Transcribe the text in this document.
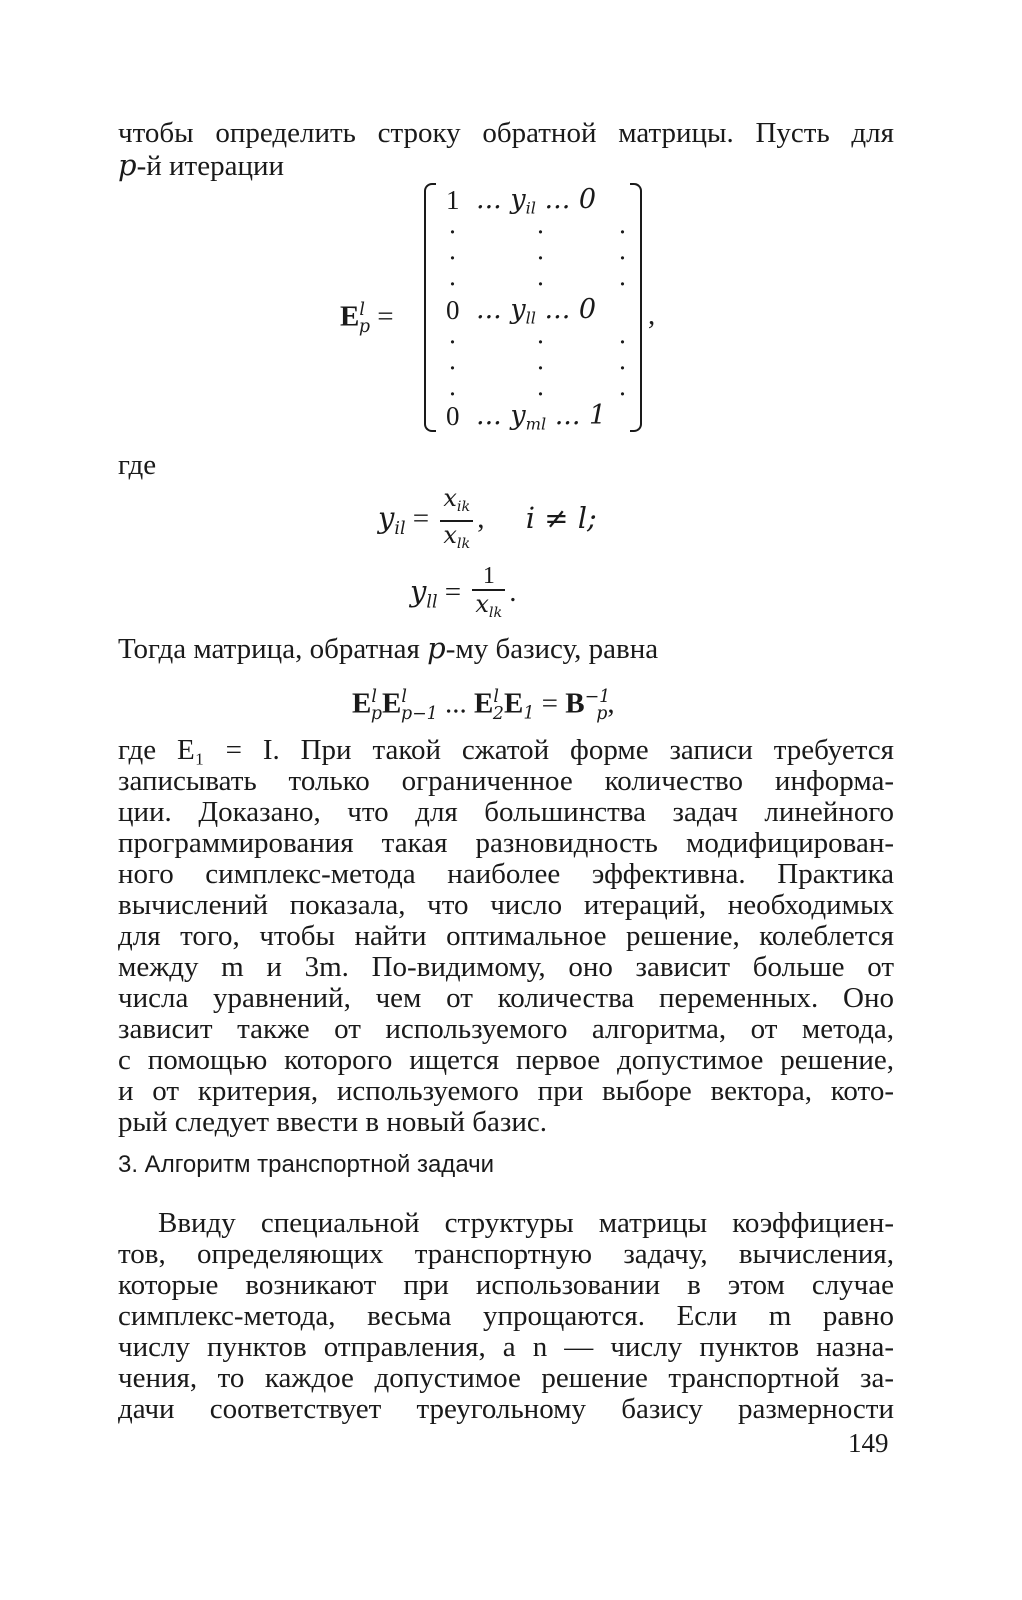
чтобы определить строку обратной матрицы. Пусть для
p-й итерации
$E^l_p$ =
1 ... $y_{il}$ ... 0
·	·	·
·	·	·
·	·	·
0 ... $y_{ll}$ ... 0
·	·	·
·	·	·
·	·	·
0 ... $y_{ml}$ ... 1
,
где
$y_{il} = \frac{x_{ik}}{x_{lk}}$ , i ≠ l;
$y_{ll} = \frac{1}{x_{lk}}$ .
Тогда матрица, обратная p-му базису, равна
$E^l_pE^l_{p-1}$ ... $E^l_2E_1 = B^{-1}_p$,
где E₁ = I. При такой сжатой форме записи требуется
записывать только ограниченное количество информа-
ции. Доказано, что для большинства задач линейного
программирования такая разновидность модифицирован-
ного симплекс-метода наиболее эффективна. Практика
вычислений показала, что число итераций, необходимых
для того, чтобы найти оптимальное решение, колеблется
между m и 3m. По-видимому, оно зависит больше от
числа уравнений, чем от количества переменных. Оно
зависит также от используемого алгоритма, от метода,
с помощью которого ищется первое допустимое решение,
и от критерия, используемого при выборе вектора, кото-
рый следует ввести в новый базис.
3. Алгоритм транспортной задачи
Ввиду специальной структуры матрицы коэффициен-
тов, определяющих транспортную задачу, вычисления,
которые возникают при использовании в этом случае
симплекс-метода, весьма упрощаются. Если m равно
числу пунктов отправления, а n — числу пунктов назна-
чения, то каждое допустимое решение транспортной за-
дачи соответствует треугольному базису размерности
149
